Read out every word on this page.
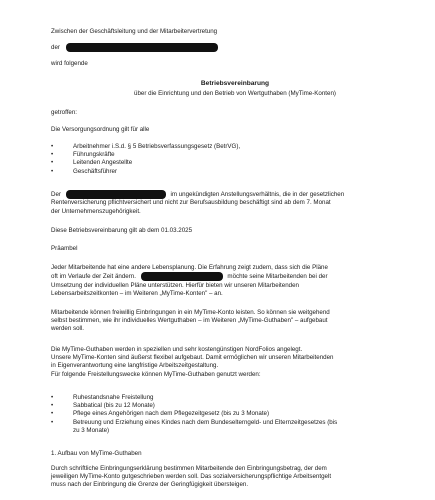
Zwischen der Geschäftsleitung und der Mitarbeitervertretung

der

wird folgende

Betriebsvereinbarung

über die Einrichtung und den Betrieb von Wertguthaben (MyTime-Konten)

getroffen:

Die Versorgungsordnung gilt für alle

• Arbeitnehmer i.S.d. § 5 Betriebsverfassungsgesetz (BetrVG),
• Führungskräfte
• Leitenden Angestellte
• Geschäftsführer

Der	im ungekündigten Anstellungsverhältnis, die in der gesetzlichen

Rentenversicherung pflichtversichert und nicht zur Berufsausbildung beschäftigt sind ab dem 7. Monat

der Unternehmenszugehörigkeit.

Diese Betriebsvereinbarung gilt ab dem 01.03.2025

Präambel

Jeder Mitarbeitende hat eine andere Lebensplanung. Die Erfahrung zeigt zudem, dass sich die Pläne

oft im Verlaufe der Zeit ändern.	möchte seine Mitarbeitenden bei der

Umsetzung der individuellen Pläne unterstützen. Hierfür bieten wir unseren Mitarbeitenden

Lebensarbeitszeitkonten – im Weiteren „MyTime-Konten" – an.

Mitarbeitende können freiwillig Einbringungen in ein MyTime-Konto leisten. So können sie weitgehend

selbst bestimmen, wie ihr individuelles Wertguthaben – im Weiteren „MyTime-Guthaben" – aufgebaut

werden soll.

Die MyTime-Guthaben werden in speziellen und sehr kostengünstigen NordFolios angelegt.

Unsere MyTime-Konten sind äußerst flexibel aufgebaut. Damit ermöglichen wir unseren Mitarbeitenden

in Eigenverantwortung eine langfristige Arbeitszeitgestaltung.

Für folgende Freistellungswecke können MyTime-Guthaben genutzt werden:

• Ruhestandsnahe Freistellung
• Sabbatical (bis zu 12 Monate)
• Pflege eines Angehörigen nach dem Pflegezeitgesetz (bis zu 3 Monate)
• Betreuung und Erziehung eines Kindes nach dem Bundeselterngeld- und Elternzeitgesetzes (bis
zu 3 Monate)

1. Aufbau von MyTime-Guthaben

Durch schriftliche Einbringungserklärung bestimmen Mitarbeitende den Einbringungsbetrag, der dem

jeweiligen MyTime-Konto gutgeschrieben werden soll. Das sozialversicherungspflichtige Arbeitsentgelt

muss nach der Einbringung die Grenze der Geringfügigkeit übersteigen.
